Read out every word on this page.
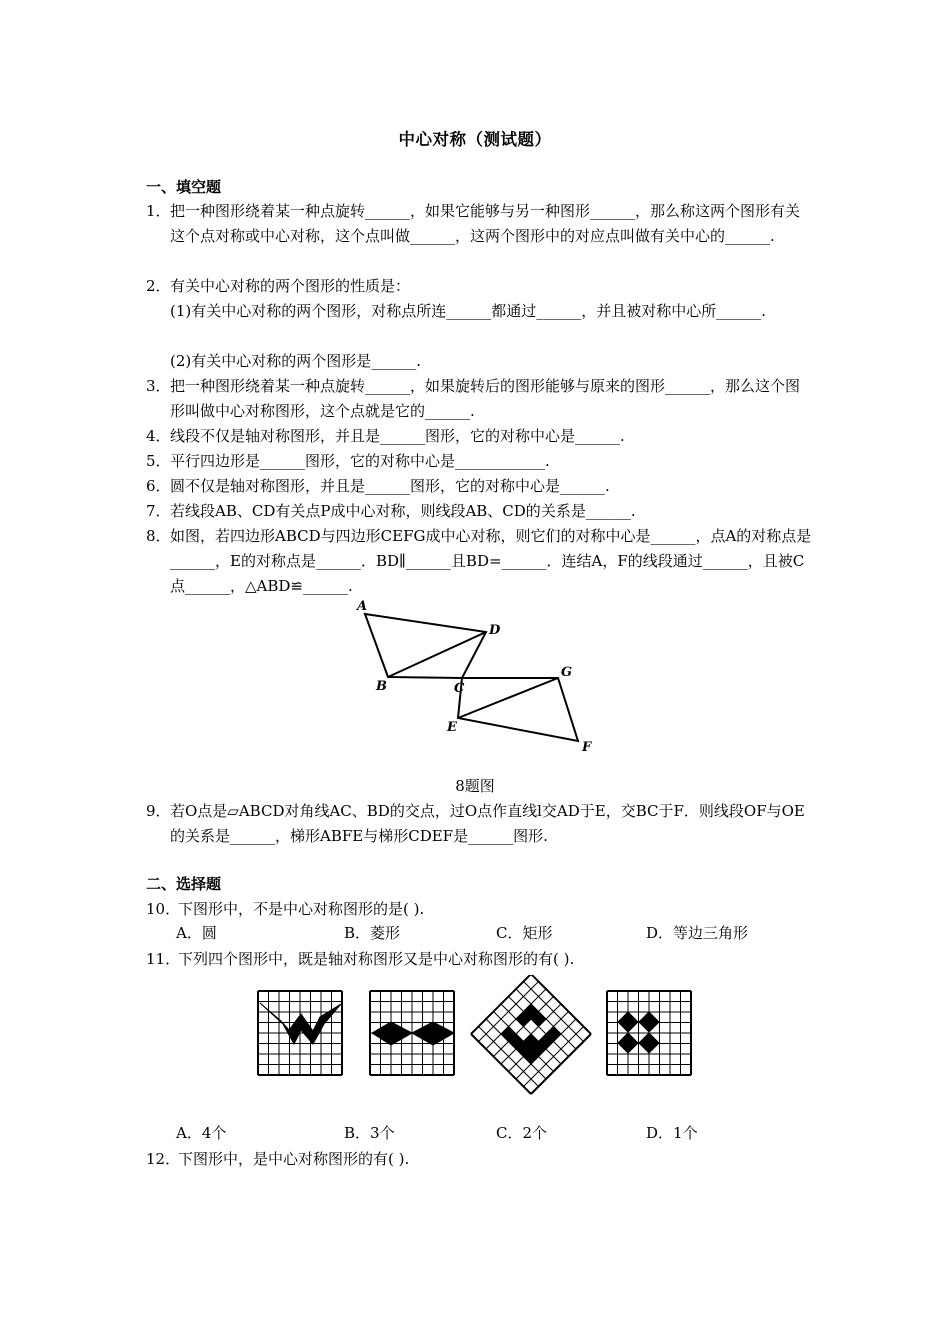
中心对称（测试题）
一、填空题
1． 把一种图形绕着某一种点旋转______，如果它能够与另一种图形______，那么称这两个图形有关这个点对称或中心对称，这个点叫做______，这两个图形中的对应点叫做有关中心的______.
2． 有关中心对称的两个图形的性质是：
(1)有关中心对称的两个图形，对称点所连______都通过______，并且被对称中心所______.
(2)有关中心对称的两个图形是______.
3． 把一种图形绕着某一种点旋转______，如果旋转后的图形能够与原来的图形______，那么这个图形叫做中心对称图形，这个点就是它的______.
4． 线段不仅是轴对称图形，并且是______图形，它的对称中心是______.
5． 平行四边形是______图形，它的对称中心是____________.
6． 圆不仅是轴对称图形，并且是______图形，它的对称中心是______.
7． 若线段AB、CD有关点P成中心对称，则线段AB、CD的关系是______.
8． 如图，若四边形ABCD与四边形CEFG成中心对称，则它们的对称中心是______，点A的对称点是______，E的对称点是______．BD∥______且BD=______．连结A，F的线段通过______，且被C点______，△ABD≌______.
A
B	C
D
E
F
G
8题图
9． 若O点是▱ABCD对角线AC、BD的交点，过O点作直线l交AD于E，交BC于F．则线段OF与OE的关系是______，梯形ABFE与梯形CDEF是______图形.
二、选择题
10．
下图形中，不是中心对称图形的是( ).
A．圆	B．菱形	C．矩形	D．等边三角形
11．
下列四个图形中，既是轴对称图形又是中心对称图形的有( ).
A．4个	B．3个	C．2个	D．1个
12．
下图形中，是中心对称图形的有( ).
